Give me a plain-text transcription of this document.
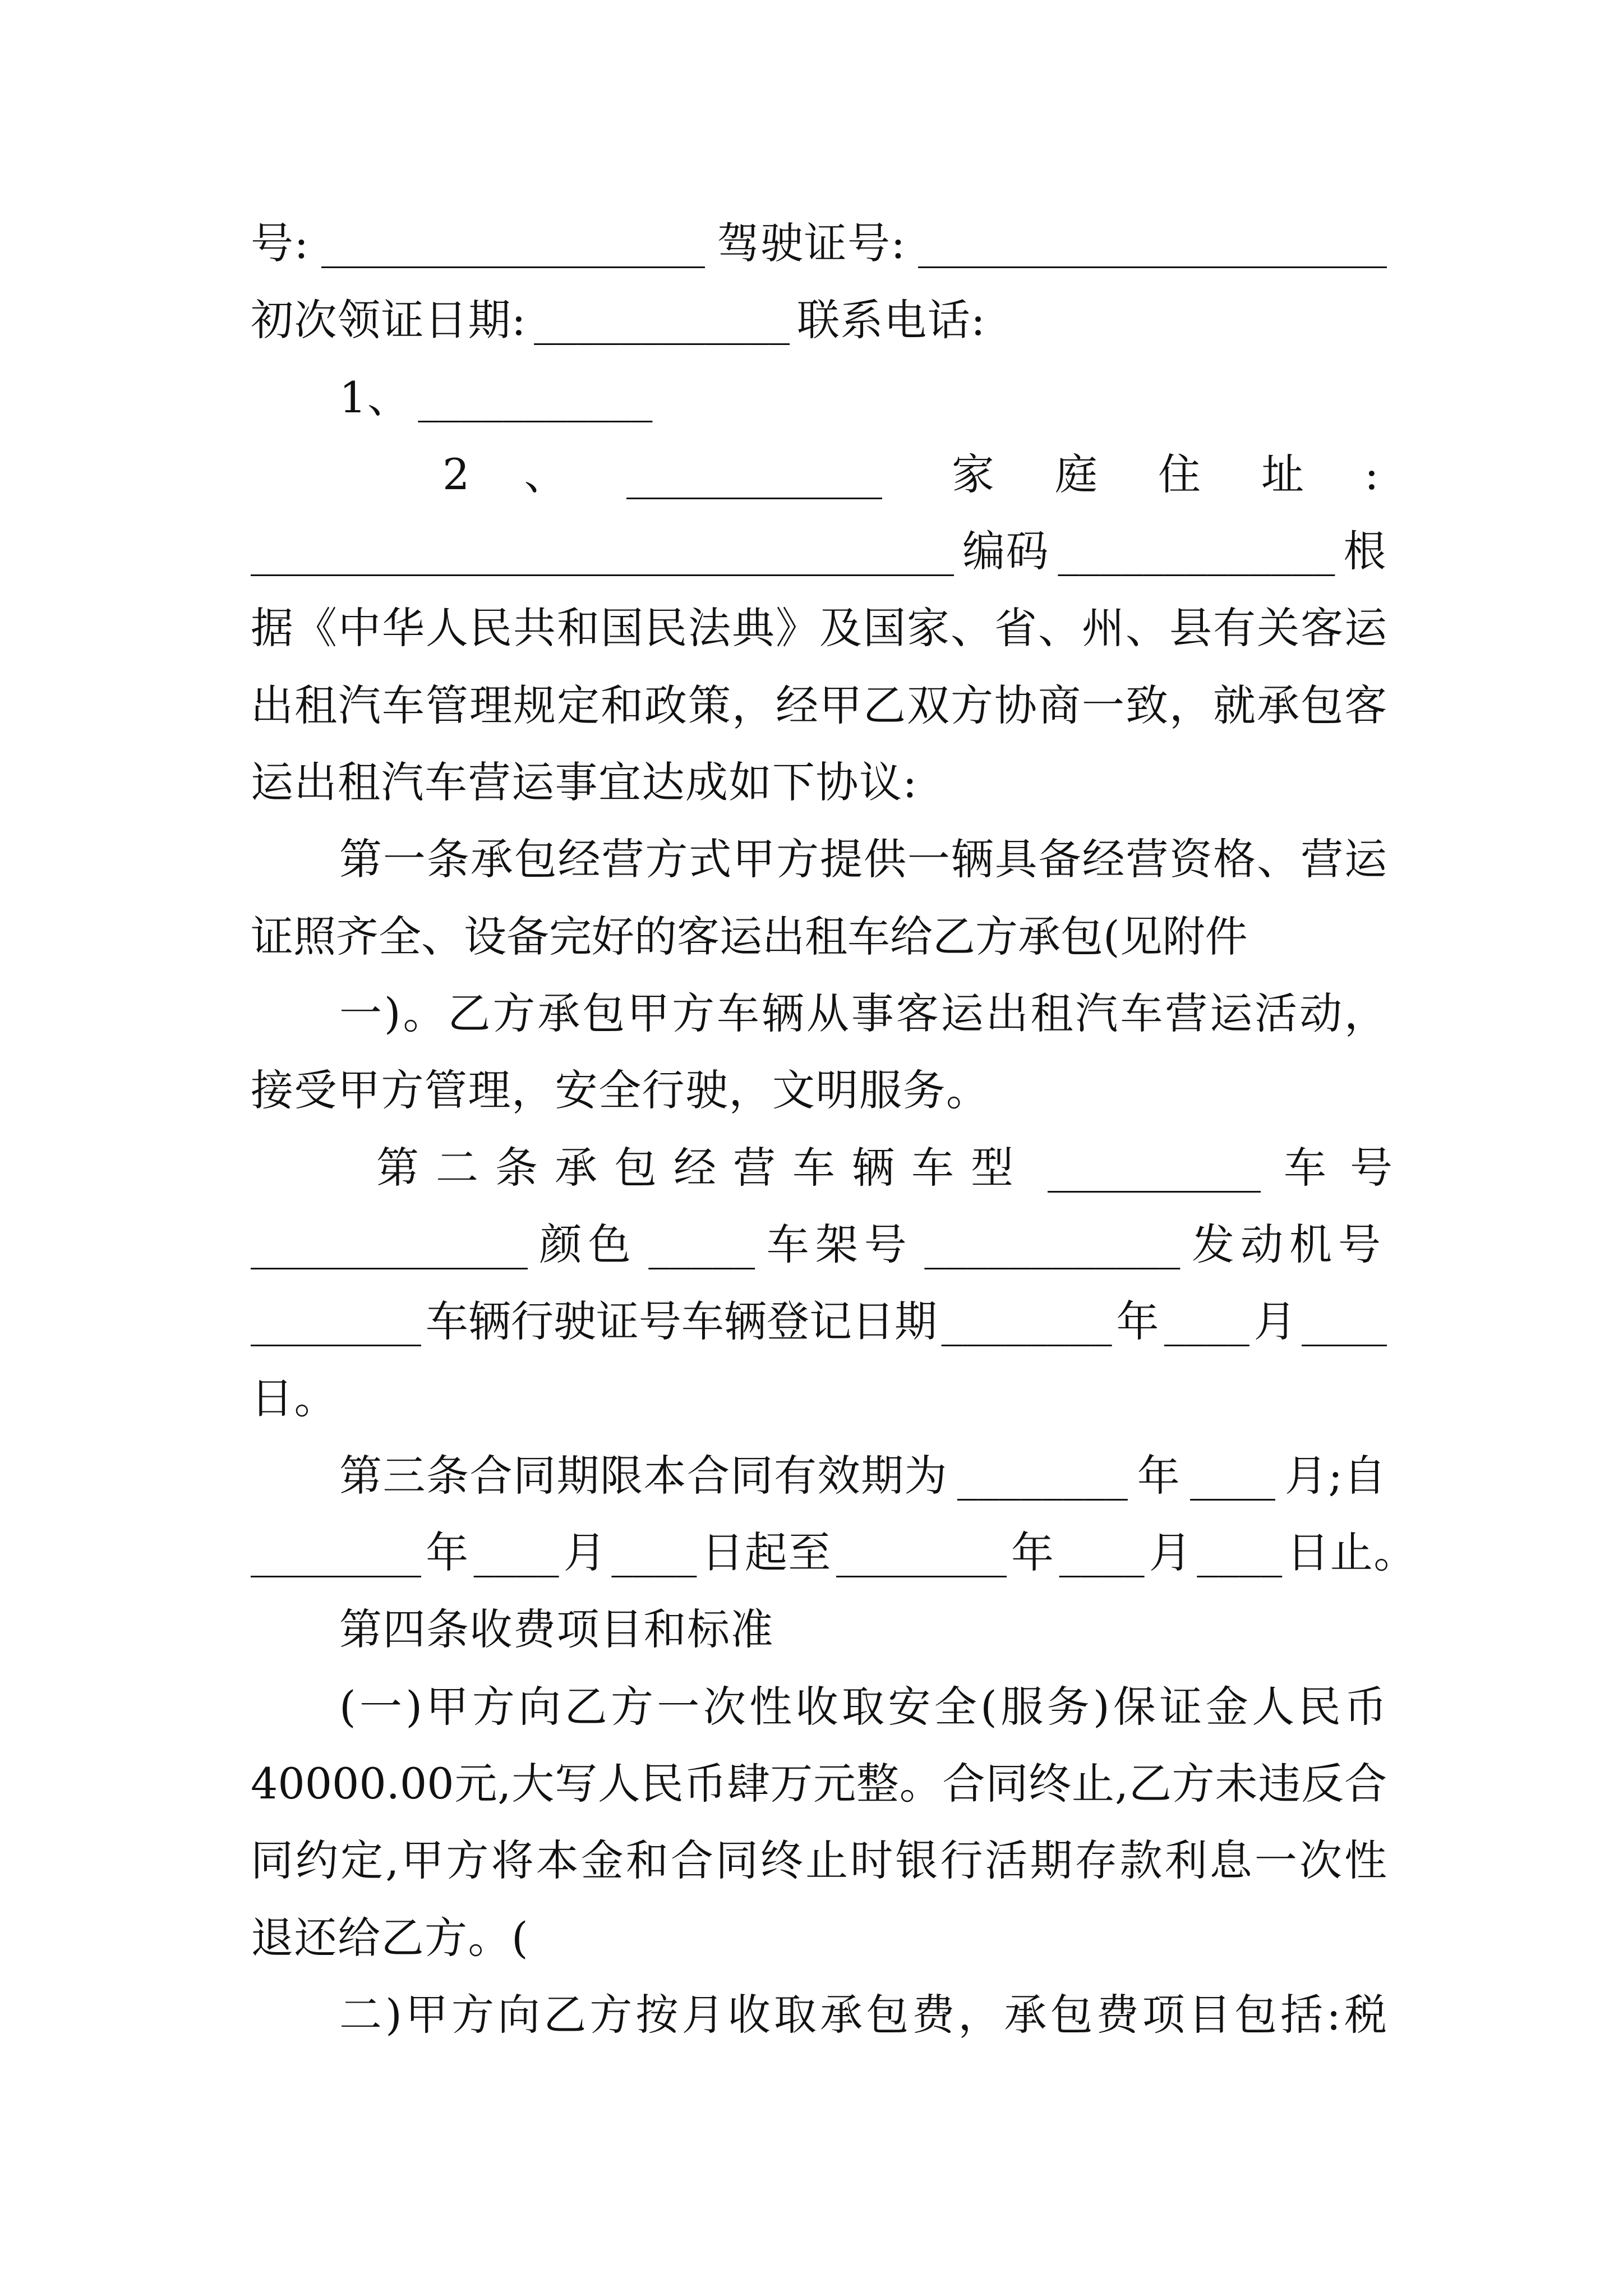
号: __________________ 驾驶证号: ______________________
初次领证日期: ____________ 联系电话:
1、 ___________
2、 ____________ 家庭住址:
_________________________________ 编码 _____________ 根
据《中华人民共和国民法典》及国家、省、州、县有关客运
出租汽车管理规定和政策，经甲乙双方协商一致，就承包客
运出租汽车营运事宜达成如下协议:
第一条承包经营方式甲方提供一辆具备经营资格、营运
证照齐全、设备完好的客运出租车给乙方承包(见附件
一)。乙方承包甲方车辆从事客运出租汽车营运活动，
接受甲方管理，安全行驶，文明服务。
第二条承包经营车辆车型 __________ 车号
_____________ 颜色 _____ 车架号 ____________ 发动机号
________ 车辆行驶证号车辆登记日期 ________ 年 ____ 月 ____
日。
第三条合同期限本合同有效期为 ________ 年 ____ 月;自
________ 年 ____ 月 ____ 日起至 ________ 年 ____ 月 ____ 日止。
第四条收费项目和标准
(一)甲方向乙方一次性收取安全(服务)保证金人民币
40000.00元,大写人民币肆万元整。合同终止,乙方未违反合
同约定,甲方将本金和合同终止时银行活期存款利息一次性
退还给乙方。(
二)甲方向乙方按月收取承包费，承包费项目包括:税
